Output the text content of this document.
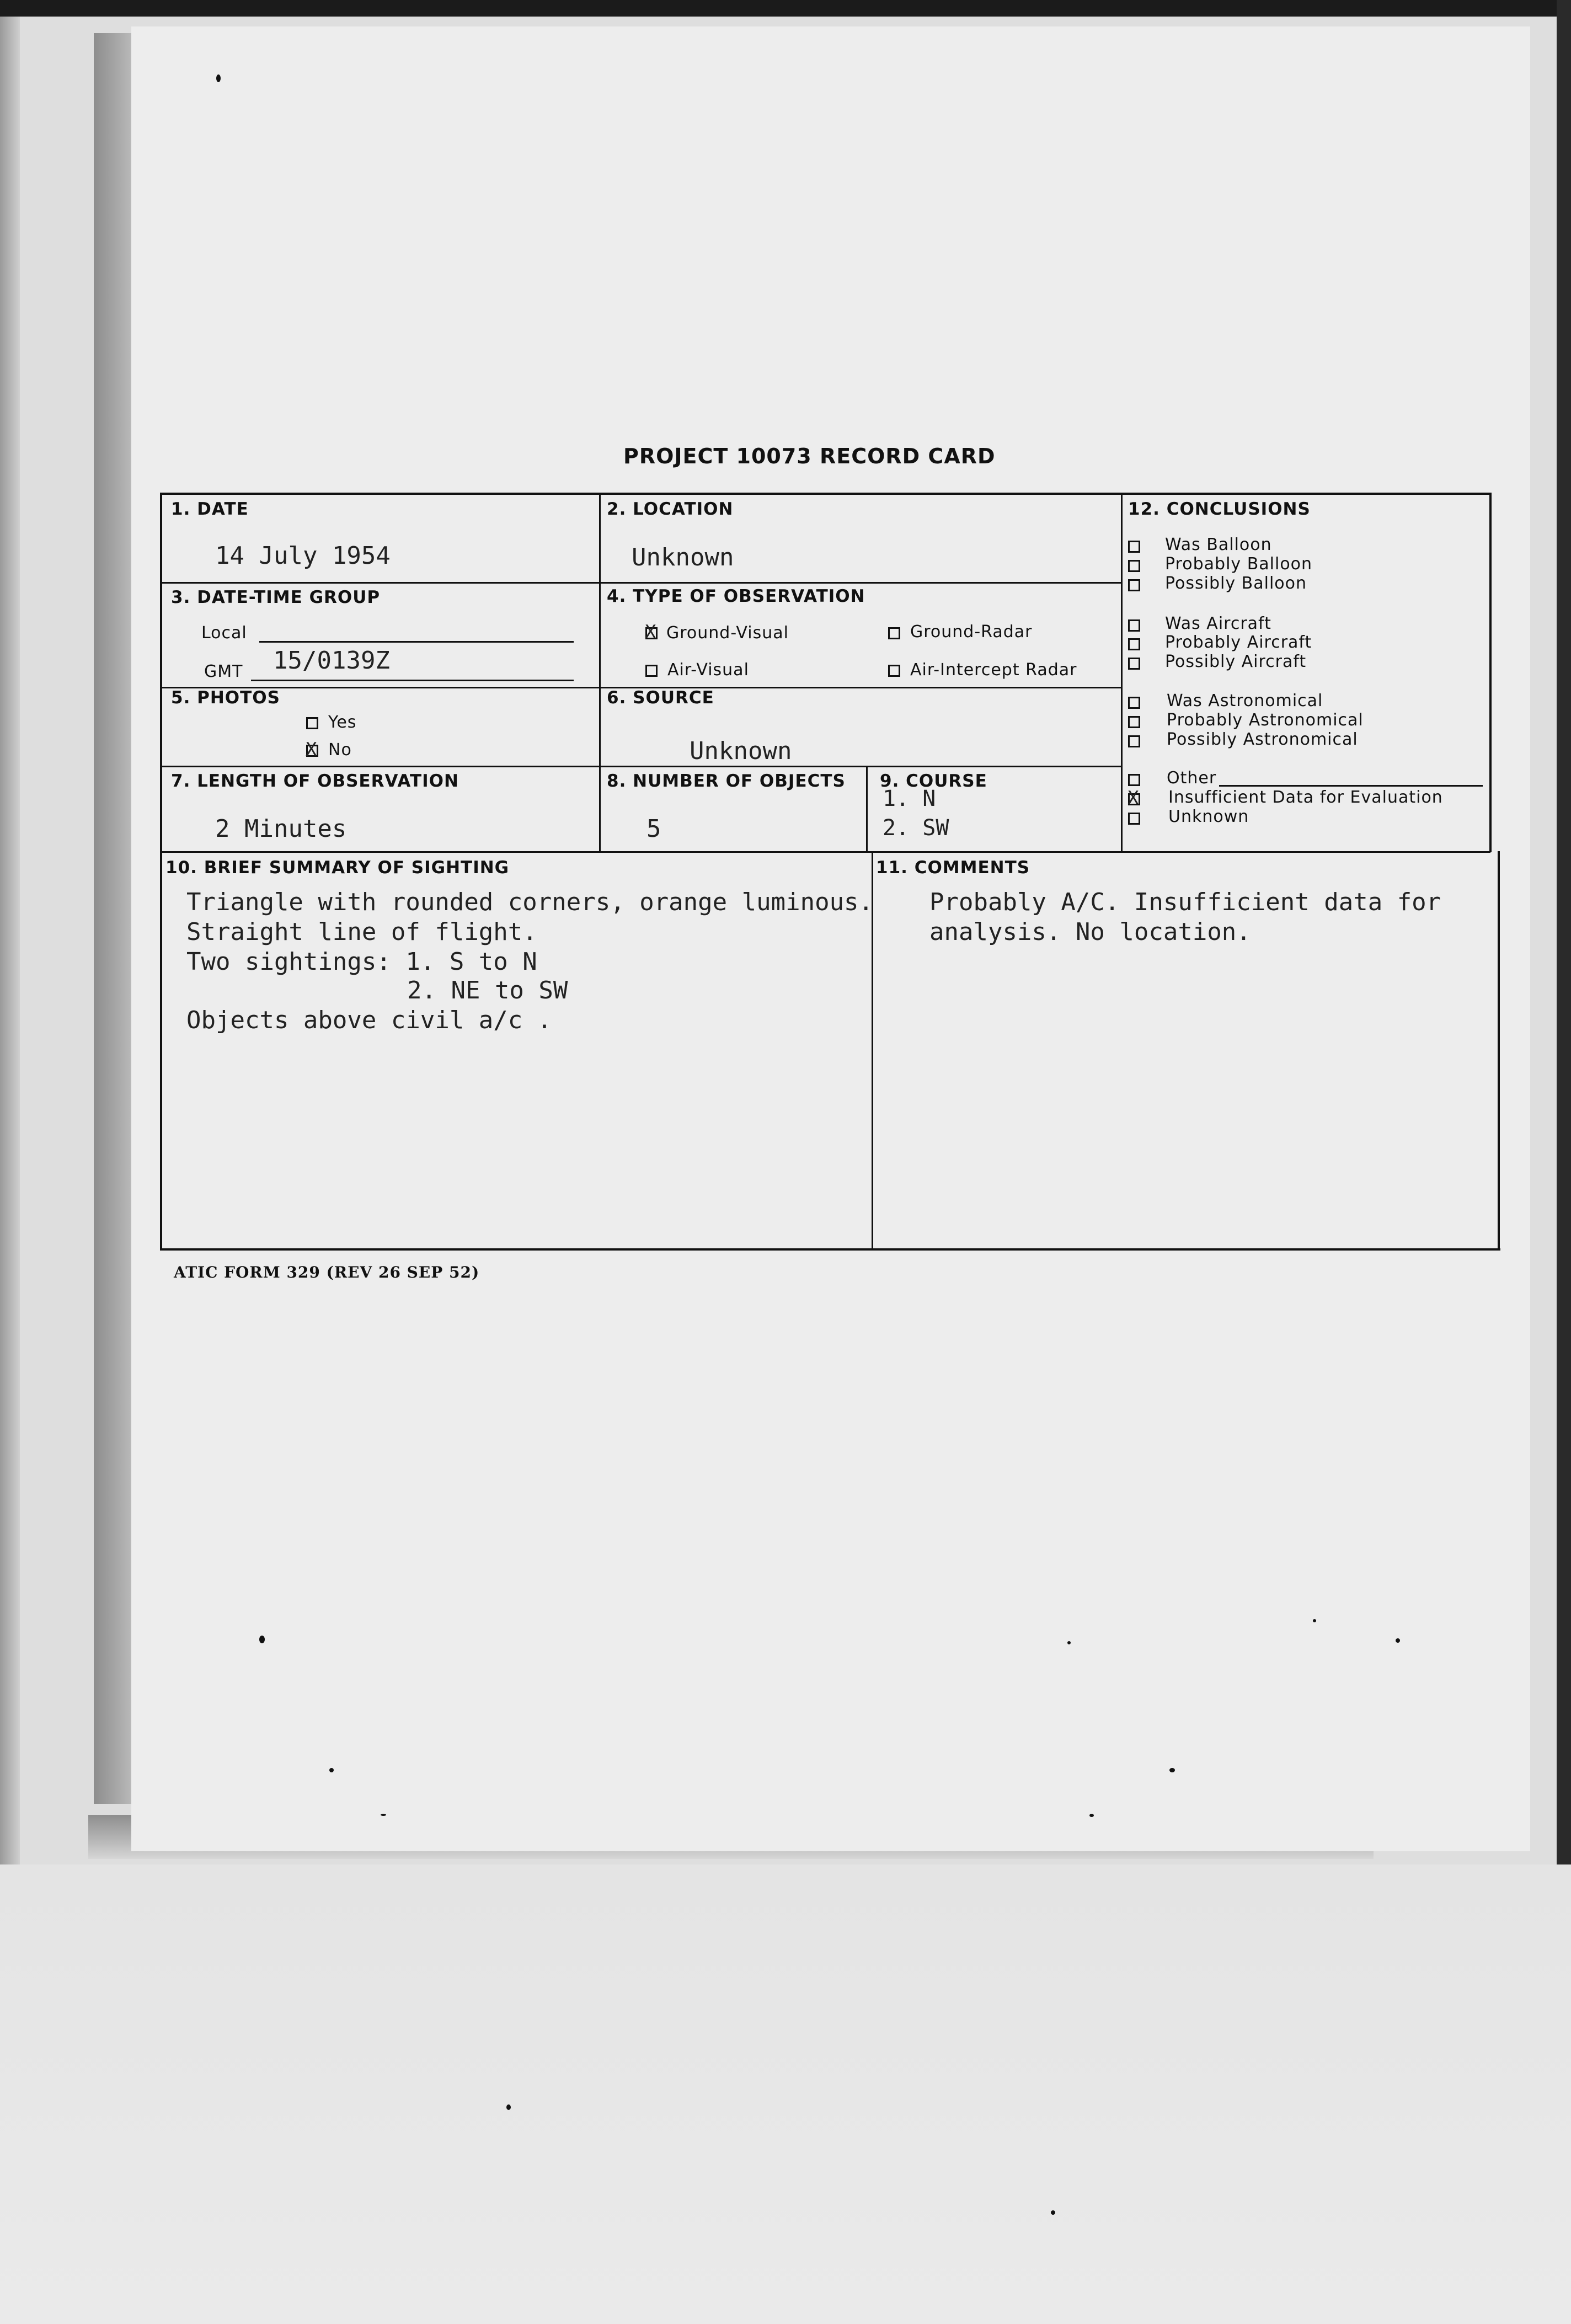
PROJECT 10073 RECORD CARD
1. DATE
14 July 1954
2. LOCATION
Unknown
3. DATE-TIME GROUP
Local
GMT 15/0139Z
4. TYPE OF OBSERVATION
X
Ground-Visual	Ground-Radar
Air-Visual	Air-Intercept Radar
5. PHOTOS
Yes
X
No
6. SOURCE
Unknown
7. LENGTH OF OBSERVATION
2 Minutes
8. NUMBER OF OBJECTS
5
9. COURSE
1. N
2. SW
10. BRIEF SUMMARY OF SIGHTING
Triangle with rounded corners, orange luminous.
Straight line of flight.
Two sightings: 1. S to N
2. NE to SW
Objects above civil a/c .
11. COMMENTS
Probably A/C. Insufficient data for
analysis. No location.
12. CONCLUSIONS
Was Balloon
Probably Balloon
Possibly Balloon
Was Aircraft
Probably Aircraft
Possibly Aircraft
Was Astronomical
Probably Astronomical
Possibly Astronomical
Other
X
Insufficient Data for Evaluation
Unknown
ATIC FORM 329 (REV 26 SEP 52)
